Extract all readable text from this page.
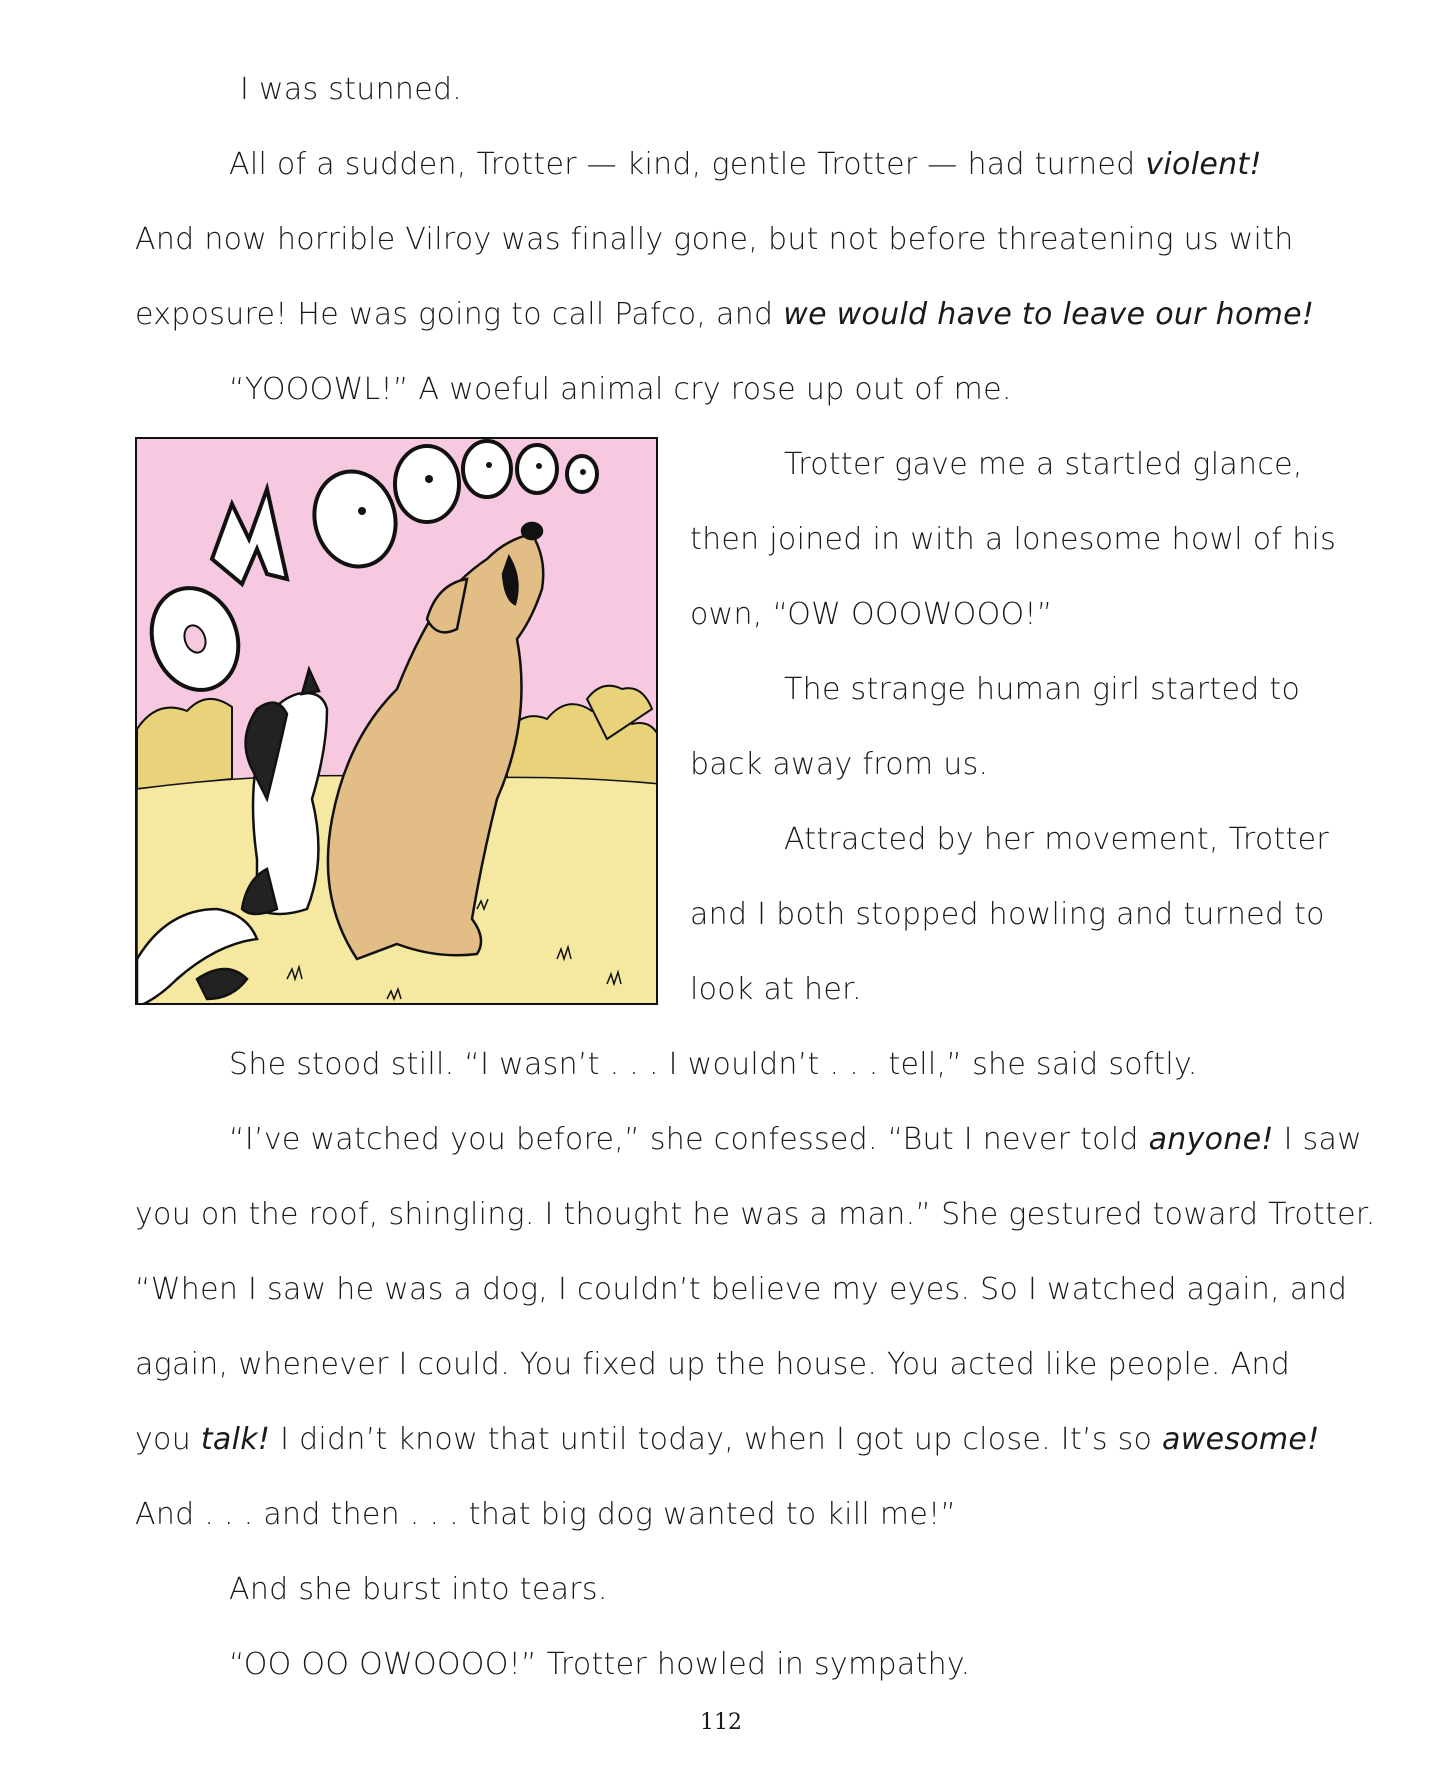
I was stunned.
All of a sudden, Trotter — kind, gentle Trotter — had turned violent!
And now horrible Vilroy was finally gone, but not before threatening us with
exposure! He was going to call Pafco, and we would have to leave our home!
“YOOOWL!” A woeful animal cry rose up out of me.
Trotter gave me a startled glance,
then joined in with a lonesome howl of his
own, “OW OOOWOOO!”
The strange human girl started to
back away from us.
Attracted by her movement, Trotter
and I both stopped howling and turned to
look at her.
She stood still. “I wasn’t . . . I wouldn’t . . . tell,” she said softly.
“I’ve watched you before,” she confessed. “But I never told anyone! I saw
you on the roof, shingling. I thought he was a man.” She gestured toward Trotter.
“When I saw he was a dog, I couldn’t believe my eyes. So I watched again, and
again, whenever I could. You fixed up the house. You acted like people. And
you talk! I didn’t know that until today, when I got up close. It’s so awesome!
And . . . and then . . . that big dog wanted to kill me!”
And she burst into tears.
“OO OO OWOOOO!” Trotter howled in sympathy.
112
